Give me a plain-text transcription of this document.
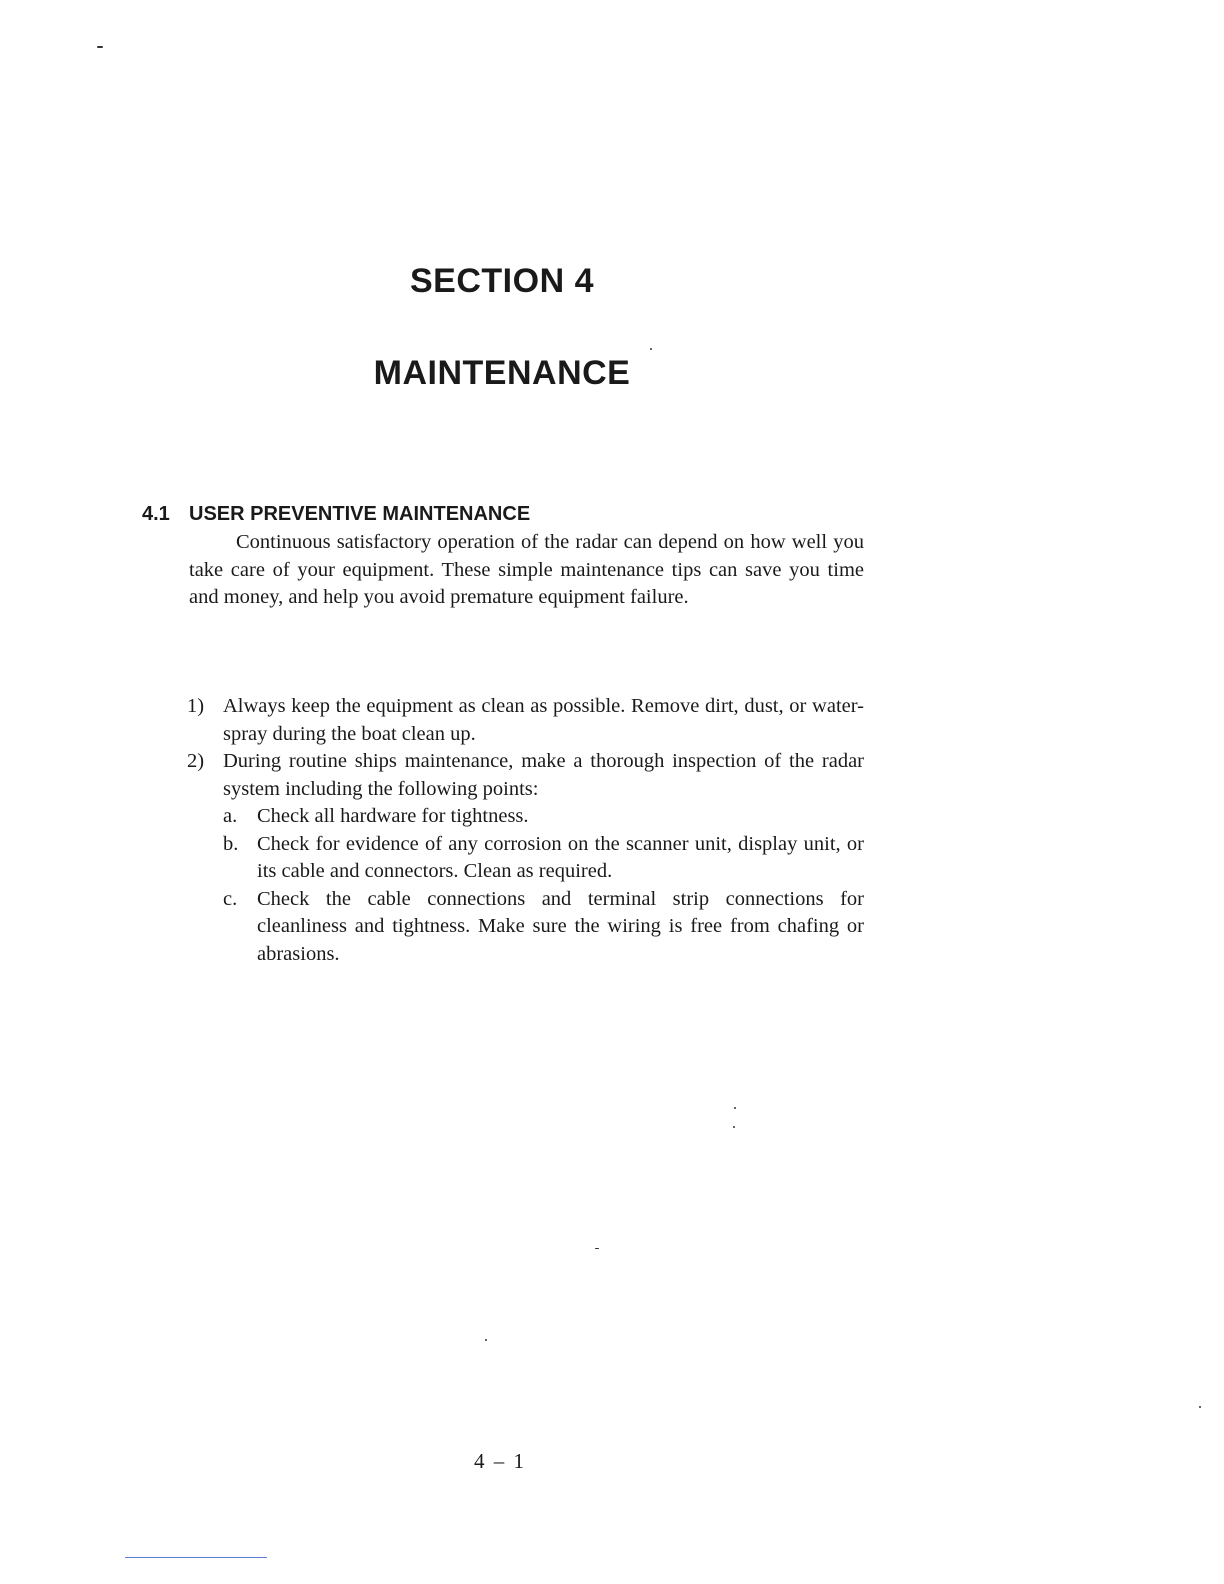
SECTION 4
MAINTENANCE
4.1 USER PREVENTIVE MAINTENANCE

Continuous satisfactory operation of the radar can depend on how well you take care of your equipment. These simple maintenance tips can save you time and money, and help you avoid premature equipment failure.

1) Always keep the equipment as clean as possible. Remove dirt, dust, or water-spray during the boat clean up.
2) During routine ships maintenance, make a thorough inspection of the radar system including the following points:
a. Check all hardware for tightness.
b. Check for evidence of any corrosion on the scanner unit, display unit, or its cable and connectors. Clean as required.
c. Check the cable connections and terminal strip connections for cleanliness and tightness. Make sure the wiring is free from chafing or abrasions.
4 – 1
